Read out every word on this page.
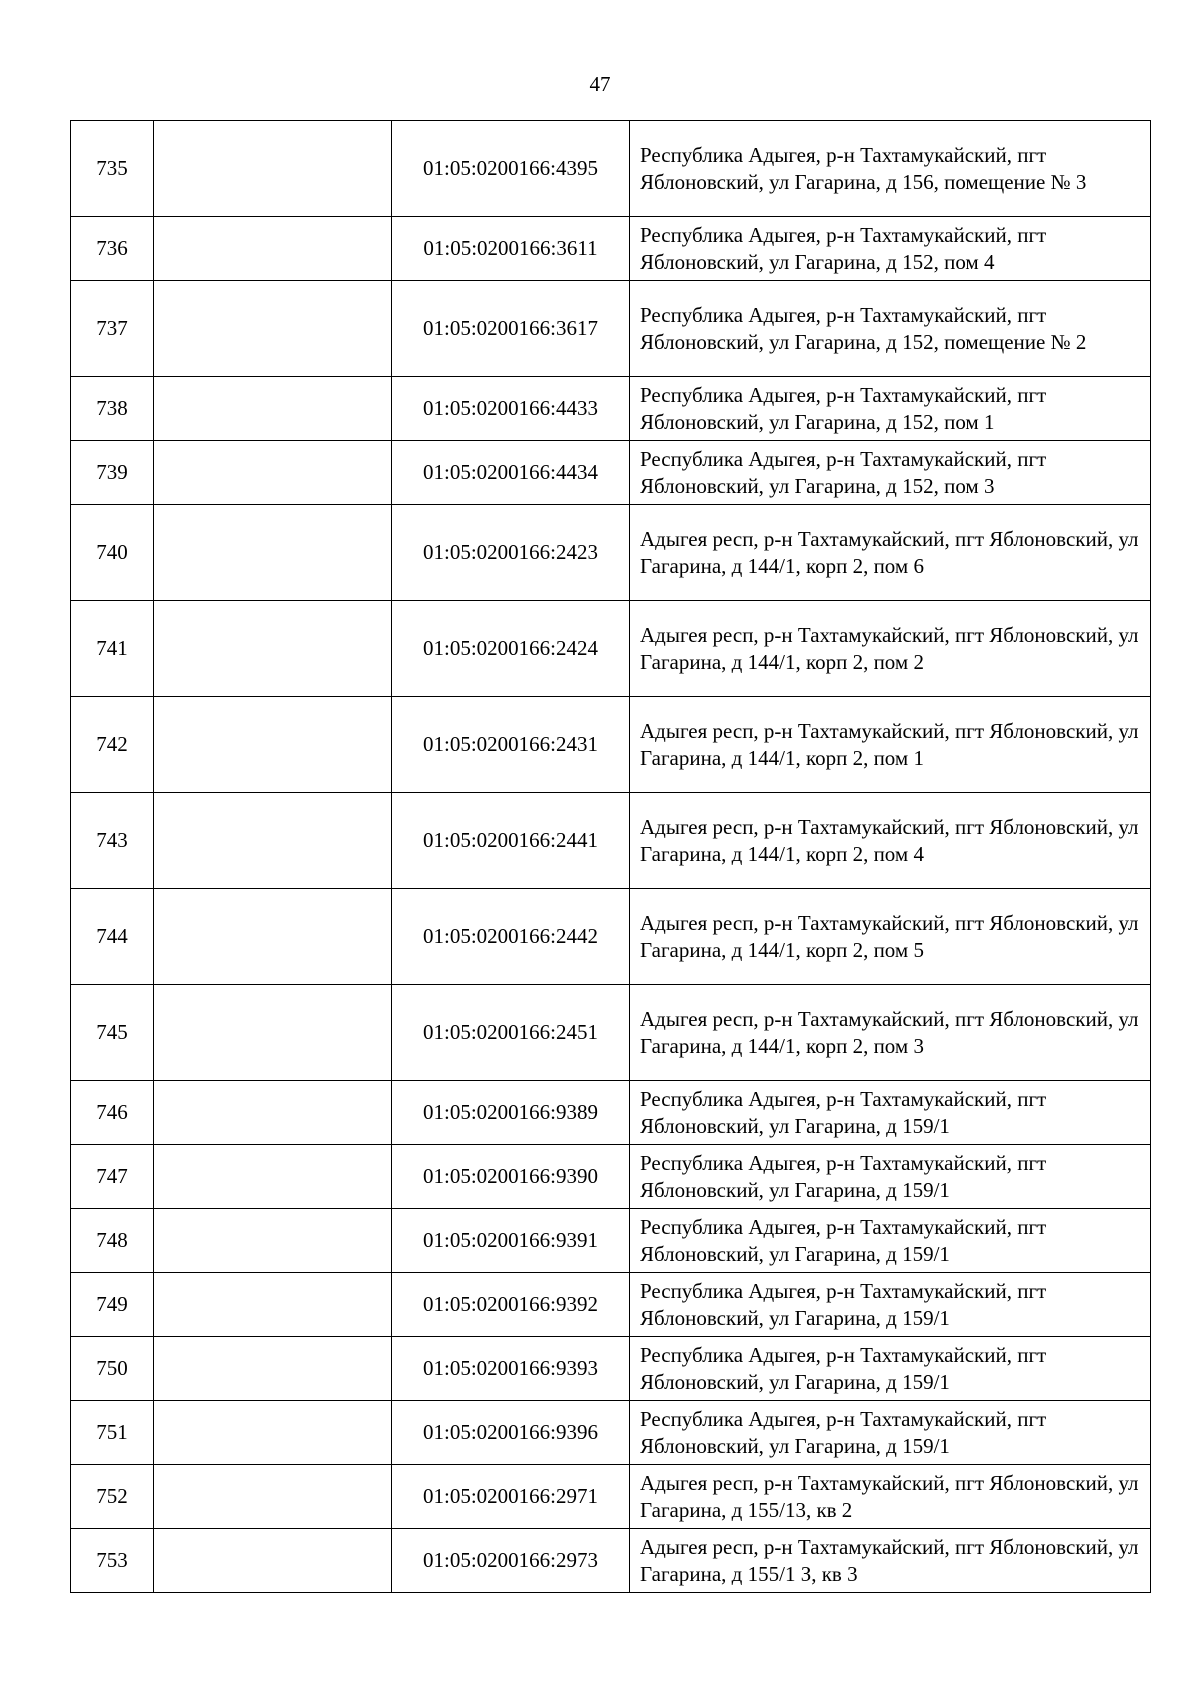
47
735		01:05:0200166:4395	Республика Адыгея, р-н Тахтамукайский, пгт Яблоновский, ул Гагарина, д 156, помещение № 3
736		01:05:0200166:3611	Республика Адыгея, р-н Тахтамукайский, пгт Яблоновский, ул Гагарина, д 152, пом 4
737		01:05:0200166:3617	Республика Адыгея, р-н Тахтамукайский, пгт Яблоновский, ул Гагарина, д 152, помещение № 2
738		01:05:0200166:4433	Республика Адыгея, р-н Тахтамукайский, пгт Яблоновский, ул Гагарина, д 152, пом 1
739		01:05:0200166:4434	Республика Адыгея, р-н Тахтамукайский, пгт Яблоновский, ул Гагарина, д 152, пом 3
740		01:05:0200166:2423	Адыгея респ, р-н Тахтамукайский, пгт Яблоновский, ул Гагарина, д 144/1, корп 2, пом 6
741		01:05:0200166:2424	Адыгея респ, р-н Тахтамукайский, пгт Яблоновский, ул Гагарина, д 144/1, корп 2, пом 2
742		01:05:0200166:2431	Адыгея респ, р-н Тахтамукайский, пгт Яблоновский, ул Гагарина, д 144/1, корп 2, пом 1
743		01:05:0200166:2441	Адыгея респ, р-н Тахтамукайский, пгт Яблоновский, ул Гагарина, д 144/1, корп 2, пом 4
744		01:05:0200166:2442	Адыгея респ, р-н Тахтамукайский, пгт Яблоновский, ул Гагарина, д 144/1, корп 2, пом 5
745		01:05:0200166:2451	Адыгея респ, р-н Тахтамукайский, пгт Яблоновский, ул Гагарина, д 144/1, корп 2, пом 3
746		01:05:0200166:9389	Республика Адыгея, р-н Тахтамукайский, пгт Яблоновский, ул Гагарина, д 159/1
747		01:05:0200166:9390	Республика Адыгея, р-н Тахтамукайский, пгт Яблоновский, ул Гагарина, д 159/1
748		01:05:0200166:9391	Республика Адыгея, р-н Тахтамукайский, пгт Яблоновский, ул Гагарина, д 159/1
749		01:05:0200166:9392	Республика Адыгея, р-н Тахтамукайский, пгт Яблоновский, ул Гагарина, д 159/1
750		01:05:0200166:9393	Республика Адыгея, р-н Тахтамукайский, пгт Яблоновский, ул Гагарина, д 159/1
751		01:05:0200166:9396	Республика Адыгея, р-н Тахтамукайский, пгт Яблоновский, ул Гагарина, д 159/1
752		01:05:0200166:2971	Адыгея респ, р-н Тахтамукайский, пгт Яблоновский, ул Гагарина, д 155/13, кв 2
753		01:05:0200166:2973	Адыгея респ, р-н Тахтамукайский, пгт Яблоновский, ул Гагарина, д 155/1 З, кв 3
